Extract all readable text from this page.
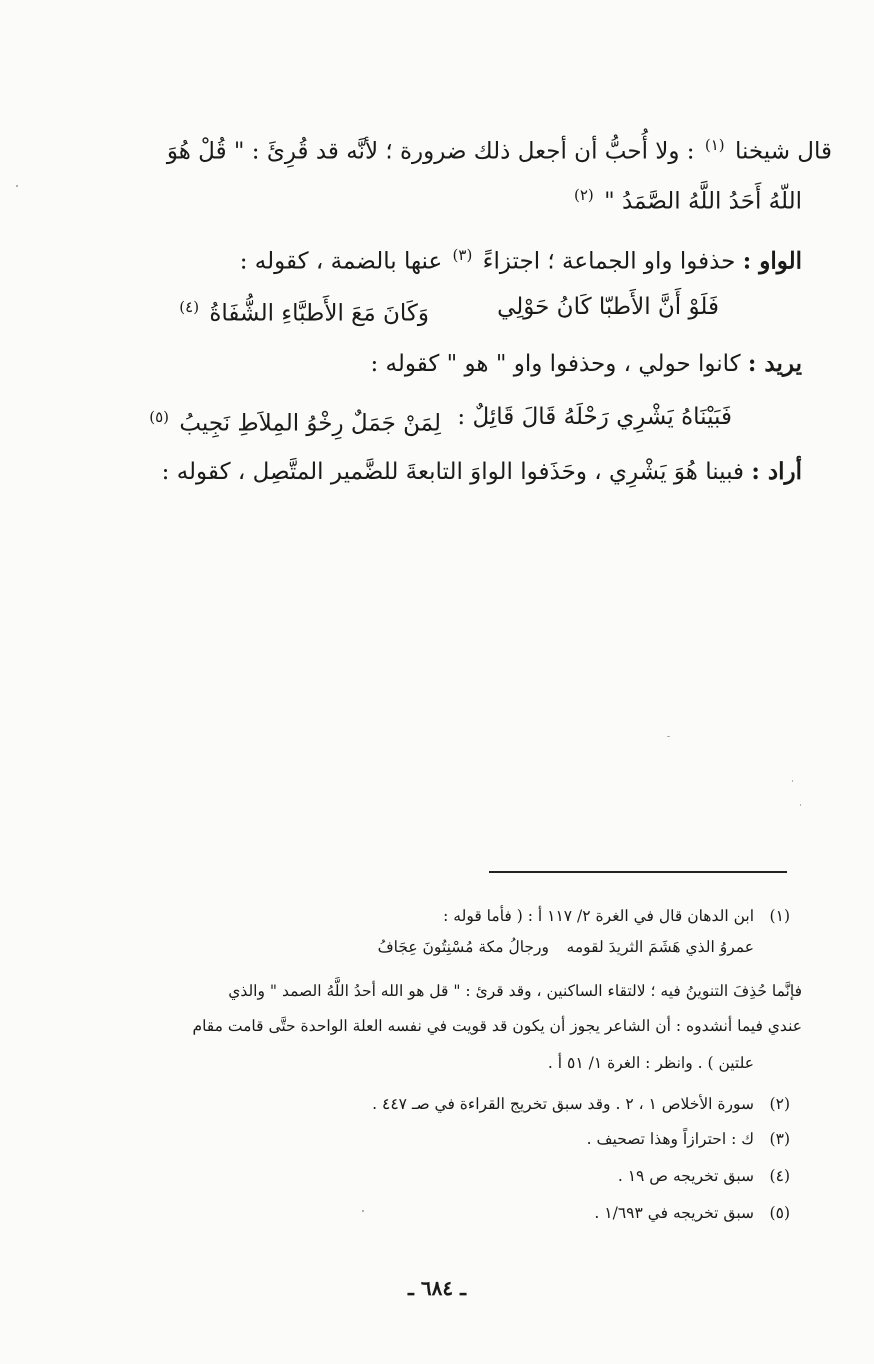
قال شيخنا $^{(١)}$ : ولا أُحبُّ أن أجعل ذلك ضرورة ؛ لأنَّه قد قُرِئَ : " قُلْ هُوَ
اللّهُ أَحَدُ اللَّهُ الصَّمَدُ " $^{(٢)}$
الواو : حذفوا واو الجماعة ؛ اجتزاءً $^{(٣)}$ عنها بالضمة ، كقوله :
فَلَوْ أَنَّ الأَطبّا كَانُ حَوْلِي
وَكَانَ مَعَ الأَطبَّاءِ الشُّفَاةُ $^{(٤)}$
يريد : كانوا حولي ، وحذفوا واو " هو " كقوله :
فَبَيْنَاهُ يَشْرِي رَحْلَهُ قَالَ قَائِلٌ :
لِمَنْ جَمَلٌ رِخْوُ المِلاَطِ نَجِيبُ $^{(٥)}$
أراد : فبينا هُوَ يَشْرِي ، وحَذَفوا الواوَ التابعةَ للضَّمير المتَّصِل ، كقوله :
(١)
ابن الدهان قال في الغرة ٢/ ١١٧ أ : ( فأما قوله :
عمروُ الذي هَشَمَ الثريدَ لقومه
ورجالُ مكة مُسْنِتُونَ عِجَافُ
فإنَّما حُذِفَ التنوينُ فيه ؛ لالتقاء الساكنين ، وقد قرئ : " قل هو الله أحدُ اللَّهُ الصمد " والذي
عندي فيما أنشدوه : أن الشاعر يجوز أن يكون قد قويت في نفسه العلة الواحدة حتَّى قامت مقام
علتين ) . وانظر : الغرة ١/ ٥١ أ .
(٢)
سورة الأخلاص ١ ، ٢ . وقد سبق تخريج القراءة في صـ ٤٤٧ .
(٣)
ك : احترازاً وهذا تصحيف .
(٤)
سبق تخريجه ص ١٩ .
(٥)
سبق تخريجه في ١/٦٩٣ .
ـ ٦٨٤ ـ
